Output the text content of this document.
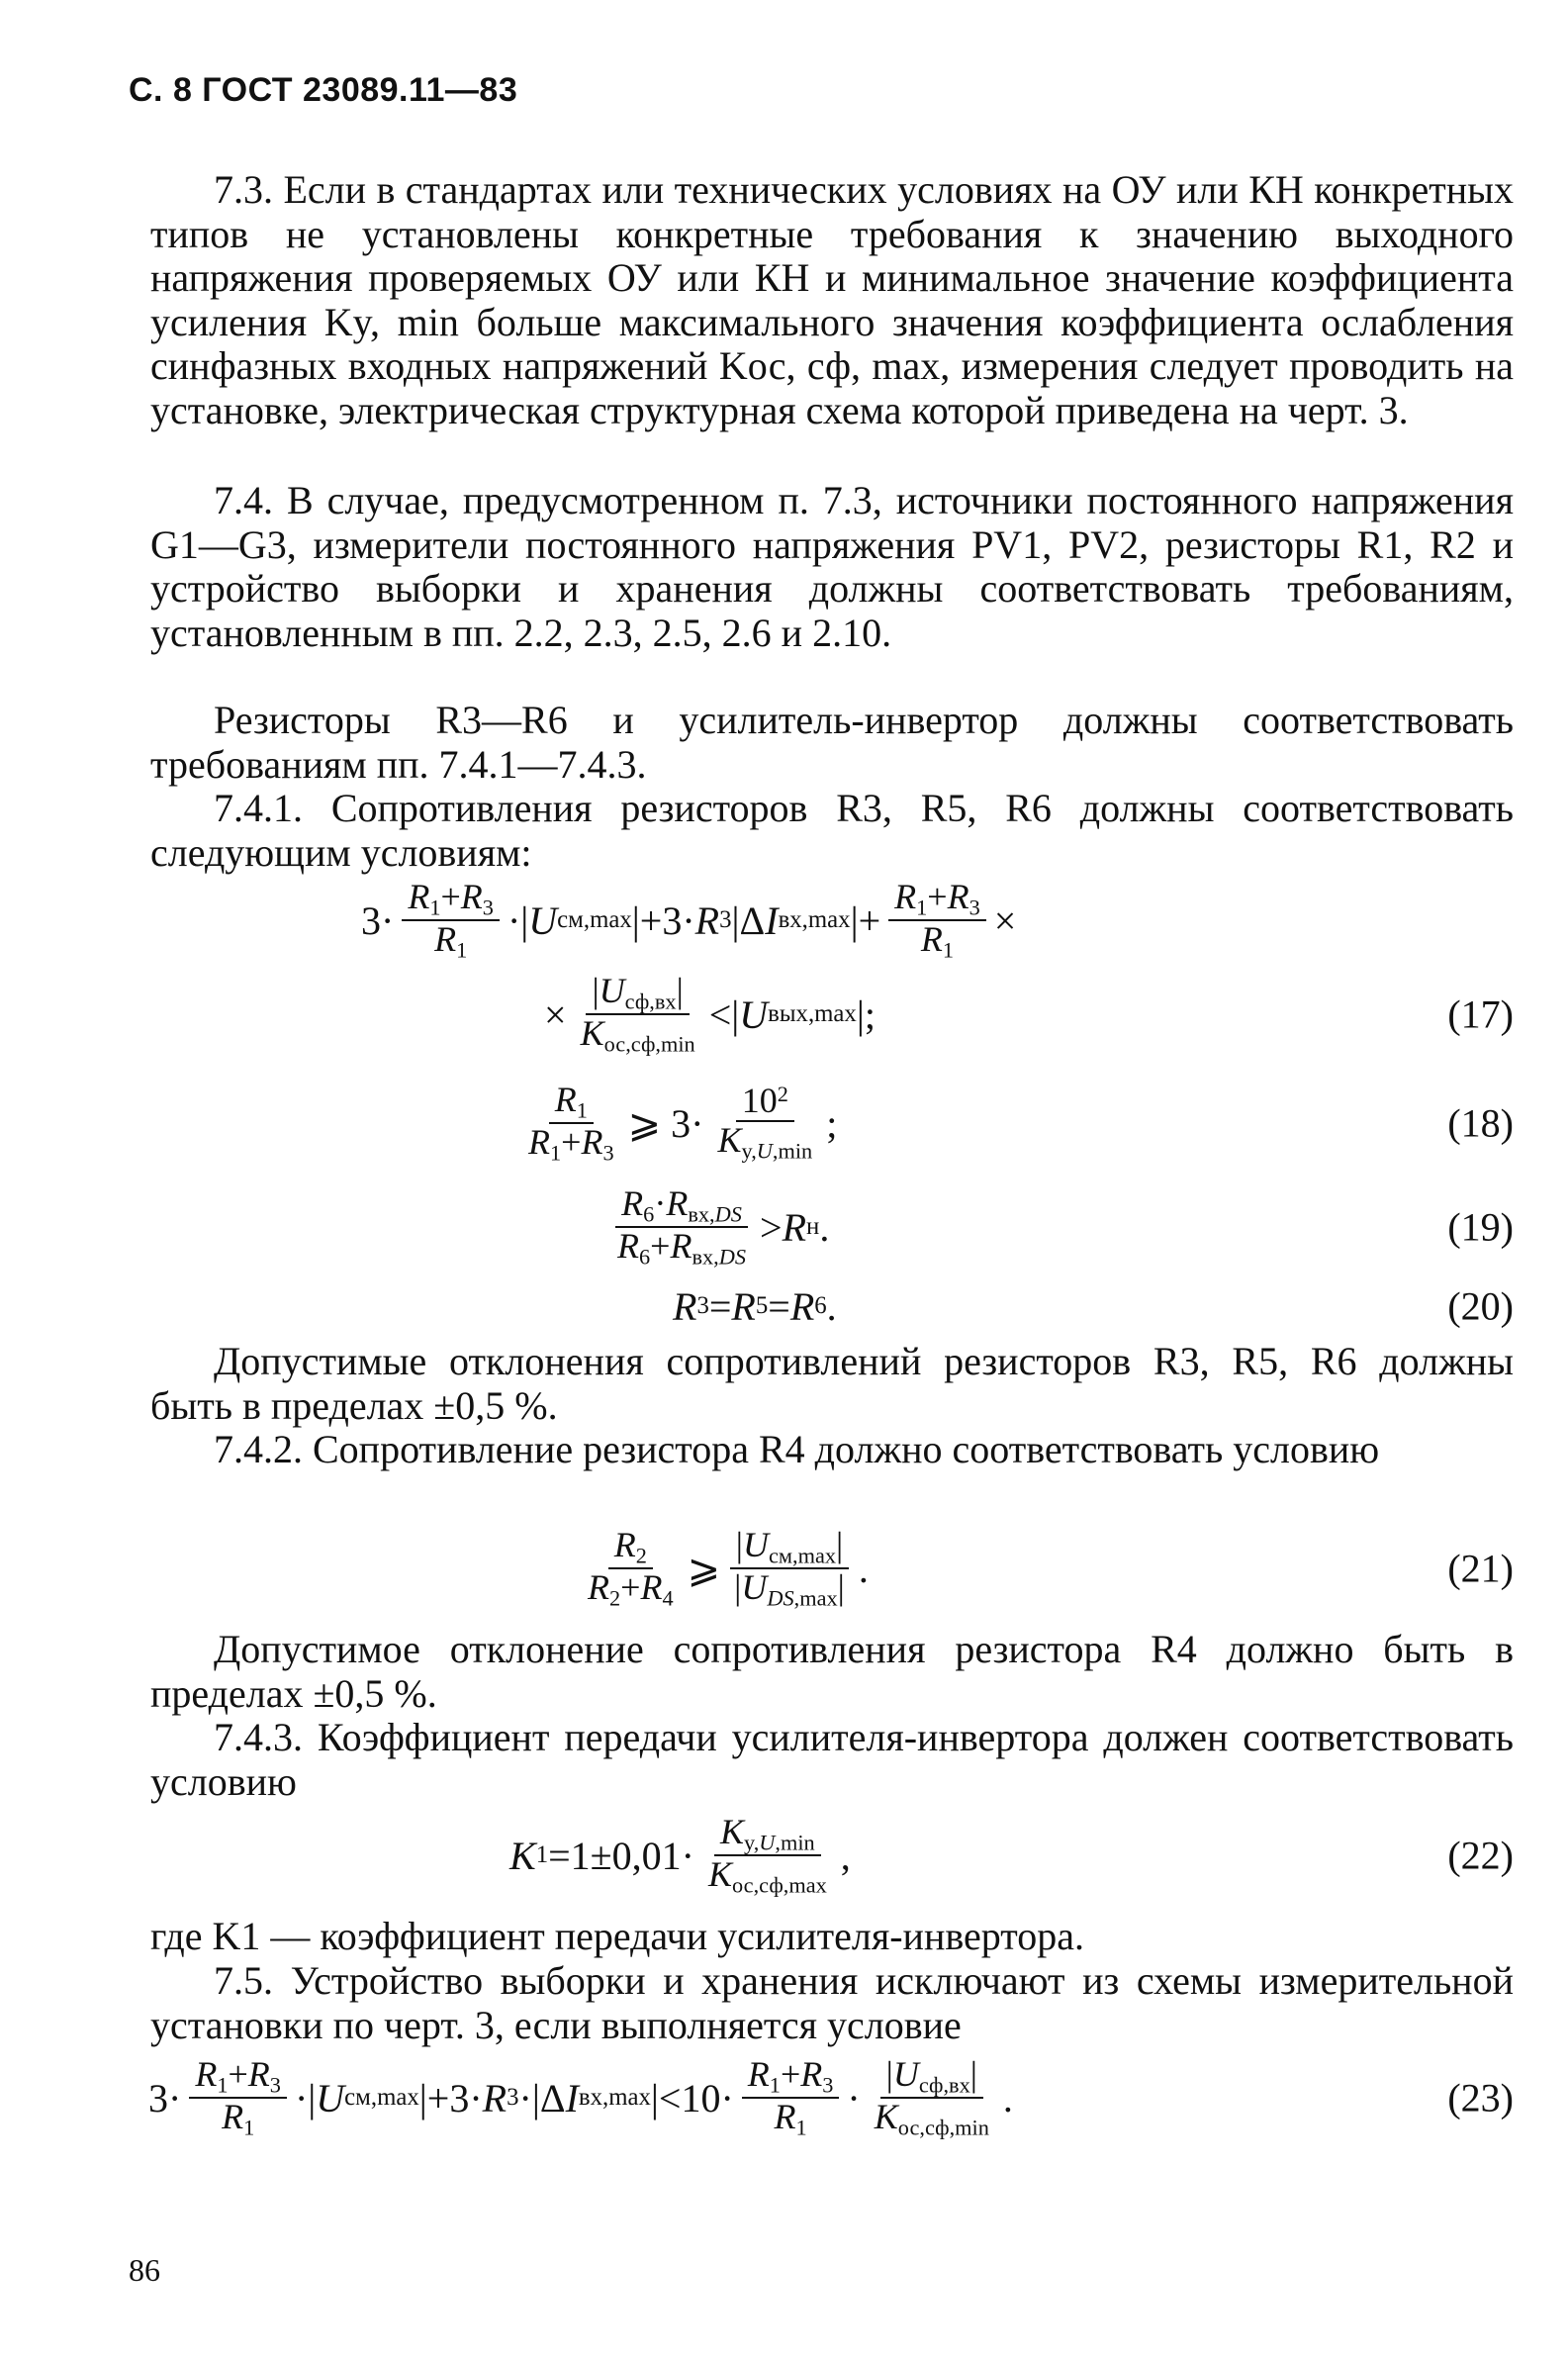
С. 8 ГОСТ 23089.11—83

7.3. Если в стандартах или технических условиях на ОУ или КН конкретных типов не установлены конкретные требования к значению выходного напряжения проверяемых ОУ или КН и минимальное значение коэффициента усиления Ky, min больше максимального значения коэффициента ослабления синфазных входных напряжений Kос, сф, max, измерения следует проводить на установке, электрическая структурная схема которой приведена на черт. 3.

7.4. В случае, предусмотренном п. 7.3, источники постоянного напряжения G1—G3, измерители постоянного напряжения PV1, PV2, резисторы R1, R2 и устройство выборки и хранения должны соответствовать требованиям, установленным в пп. 2.2, 2.3, 2.5, 2.6 и 2.10.

Резисторы R3—R6 и усилитель-инвертор должны соответствовать требованиям пп. 7.4.1—7.4.3.

7.4.1. Сопротивления резисторов R3, R5, R6 должны соответствовать следующим условиям:

$3\cdot \frac{R_1+R_3}{R_1}$ ·| U см,max |+3· R 3 |Δ I вх,max |+ $\frac{R_1+R_3}{R_1}$ ×
× $\frac{|U_{сф,вх}|}{K_{ос,сф,min}}$ <| U вых,max |;	(17)
$\frac{R_1}{R_1+R_3}$ ⩾ $3\cdot \frac{10^2}{K_{y,U,min}}$ ;	(18)
$\frac{R_6\cdot R_{вх,DS}}{R_6+R_{вх,DS}} > R$ н .	(19)
R 3 = R 5 = R 6 .	(20)

Допустимые отклонения сопротивлений резисторов R3, R5, R6 должны быть в пределах ±0,5 %.

7.4.2. Сопротивление резистора R4 должно соответствовать условию

$\frac{R_2}{R_2+R_4}$ ⩾ $\frac{|U_{см,max}|}{|U_{DS,max}|}$ .	(21)

Допустимое отклонение сопротивления резистора R4 должно быть в пределах ±0,5 %.

7.4.3. Коэффициент передачи усилителя-инвертора должен соответствовать условию

K $1 =1\pm 0,01\cdot \frac{K_{y,U,min}}{K_{ос,сф,max}}$ ,	(22)

где K1 — коэффициент передачи усилителя-инвертора.

7.5. Устройство выборки и хранения исключают из схемы измерительной установки по черт. 3, если выполняется условие

$3\cdot \frac{R_1+R_3}{R_1}$ ·| U см,max |+3· R 3 ·|Δ I вх,max $|<10\cdot \frac{R_1+R_3}{R_1} \cdot \frac{|U_{сф,вх}|}{K_{ос,сф,min}}$ .	(23)
86
